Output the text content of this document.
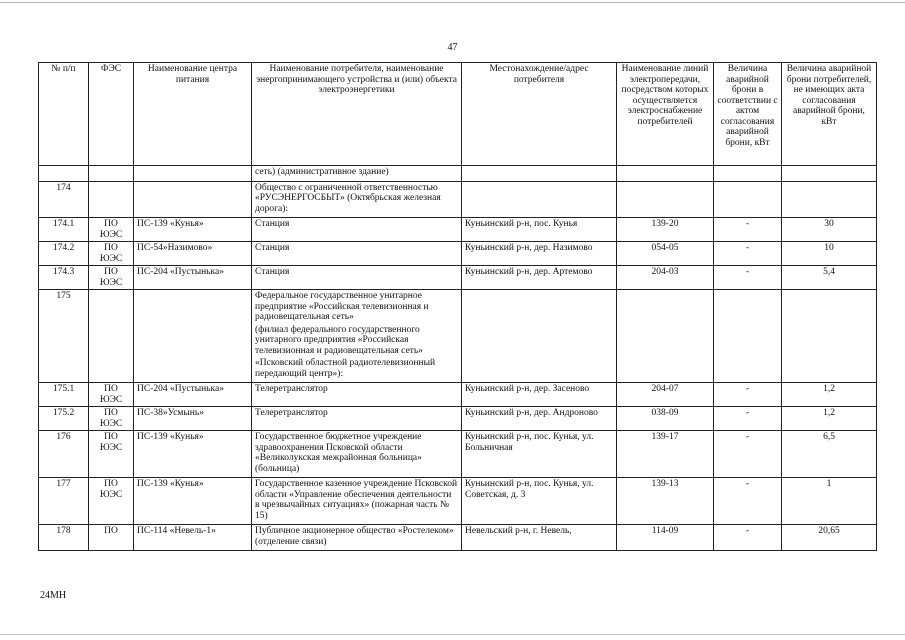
47
№ п/п	ФЭС	Наименование центра питания	Наименование потребителя, наименование энергопринимающего устройства и (или) объекта электроэнергетики	Местонахождение/адрес потребителя	Наименование линий электропередачи, посредством которых осуществляется электроснабжение потребителей	Величина аварийной брони в соответствии с актом согласования аварийной брони, кВт	Величина аварийной брони потребителей, не имеющих акта согласования аварийной брони, кВт

			сеть) (административное здание)				

174			Общество с ограниченной ответственностью «РУСЭНЕРГОСБЫТ» (Октябрьская железная дорога):				

174.1	ПО ЮЭС	ПС-139 «Кунья»	Станция	Куньинский р-н, пос. Кунья	139-20	-	30
174.2	ПО ЮЭС	ПС-54»Назимово»	Станция	Куньинский р-н, дер. Назимово	054-05	-	10
174.3	ПО ЮЭС	ПС-204 «Пустынька»	Станция	Куньинский р-н, дер. Артемово	204-03	-	5,4
175			Федеральное государственное унитарное предприятие «Российская телевизионная и радиовещательная сеть»
(филиал федерального государственного унитарного предприятия «Российская телевизионная и радиовещательная сеть»
«Псковский областной радиотелевизионный передающий центр»):				

175.1	ПО ЮЭС	ПС-204 «Пустынька»	Телеретранслятор	Куньинский р-н, дер. Засеново	204-07	-	1,2
175.2	ПО ЮЭС	ПС-38»Усмынь»	Телеретранслятор	Куньинский р-н, дер. Андроново	038-09	-	1,2
176	ПО ЮЭС	ПС-139 «Кунья»	Государственное бюджетное учреждение здравоохранения Псковской области «Великолукская межрайонная больница» (больница)	Куньинский р-н, пос. Кунья, ул. Больничная	139-17	-	6,5
177	ПО ЮЭС	ПС-139 «Кунья»	Государственное казенное учреждение Псковской области «Управление обеспечения деятельности в чрезвычайных ситуациях» (пожарная часть № 15)	Куньинский р-н, пос. Кунья, ул. Советская, д. 3	139-13	-	1
178	ПО	ПС-114 «Невель-1»	Публичное акционерное общество «Ростелеком» (отделение связи)	Невельский р-н, г. Невель,	114-09	-	20,65
24МН
